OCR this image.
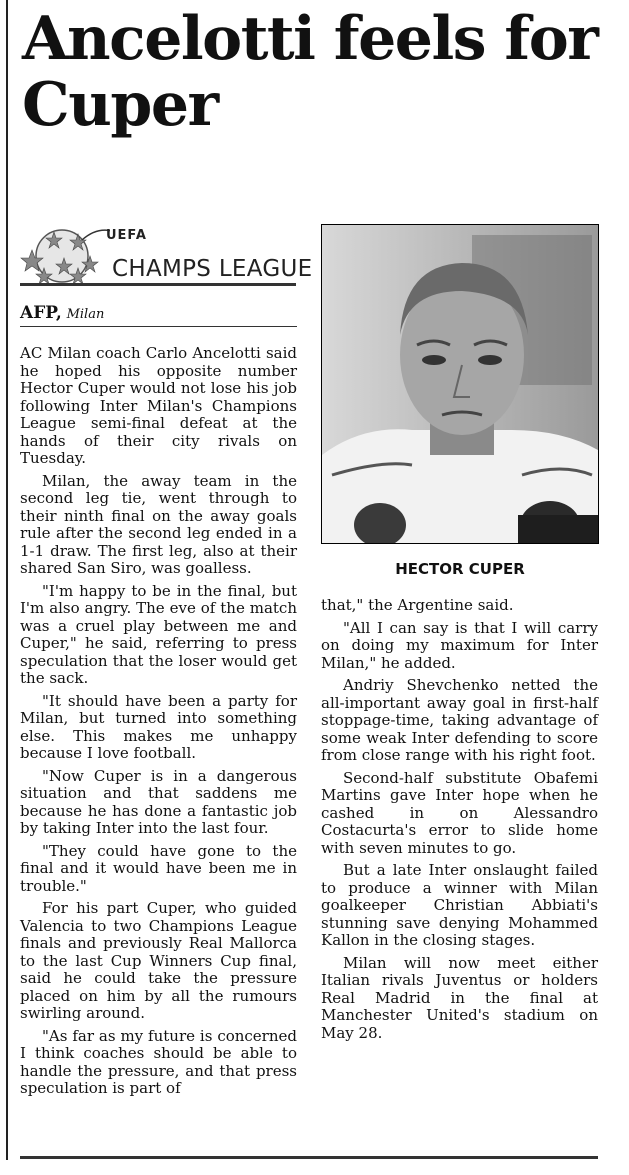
Ancelotti feels for Cuper
UEFA
CHAMPS LEAGUE
AFP, Milan
HECTOR CUPER

AC Milan coach Carlo Ancelotti said he hoped his opposite number Hector Cuper would not lose his job following Inter Milan's Champions League semi-final defeat at the hands of their city rivals on Tuesday.

Milan, the away team in the second leg tie, went through to their ninth final on the away goals rule after the second leg ended in a 1-1 draw. The first leg, also at their shared San Siro, was goalless.

"I'm happy to be in the final, but I'm also angry. The eve of the match was a cruel play between me and Cuper," he said, referring to press speculation that the loser would get the sack.

"It should have been a party for Milan, but turned into something else. This makes me unhappy because I love football.

"Now Cuper is in a dangerous situation and that saddens me because he has done a fantastic job by taking Inter into the last four.

"They could have gone to the final and it would have been me in trouble."

For his part Cuper, who guided Valencia to two Champions League finals and previously Real Mallorca to the last Cup Winners Cup final, said he could take the pressure placed on him by all the rumours swirling around.

"As far as my future is concerned I think coaches should be able to handle the pressure, and that press speculation is part of

that," the Argentine said.

"All I can say is that I will carry on doing my maximum for Inter Milan," he added.

Andriy Shevchenko netted the all-important away goal in first-half stoppage-time, taking advantage of some weak Inter defending to score from close range with his right foot.

Second-half substitute Obafemi Martins gave Inter hope when he cashed in on Alessandro Costacurta's error to slide home with seven minutes to go.

But a late Inter onslaught failed to produce a winner with Milan goalkeeper Christian Abbiati's stunning save denying Mohammed Kallon in the closing stages.

Milan will now meet either Italian rivals Juventus or holders Real Madrid in the final at Manchester United's stadium on May 28.
